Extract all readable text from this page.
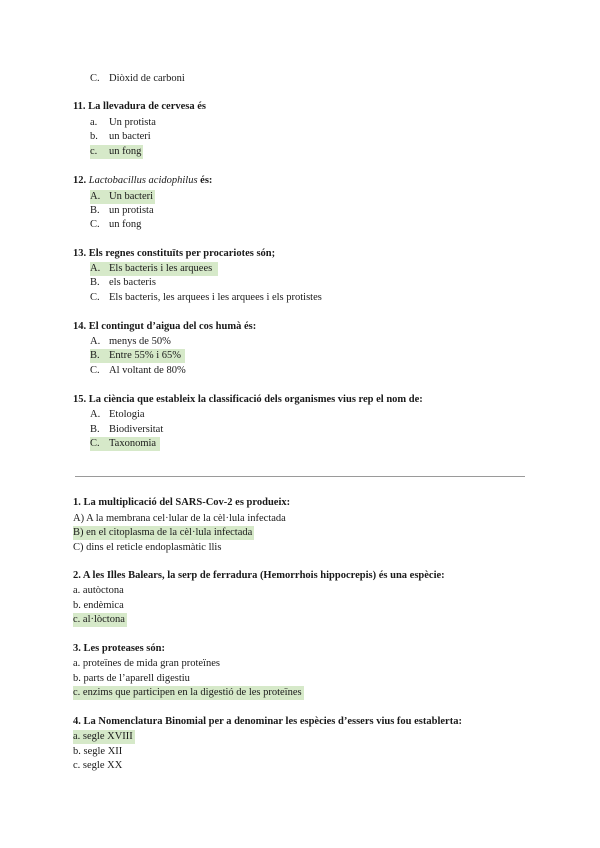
C. Diòxid de carboni
11. La llevadura de cervesa és
a. Un protista
b. un bacteri
c. un fong
12. Lactobacillus acidophilus és:
A. Un bacteri
B. un protista
C. un fong
13. Els regnes constituïts per procariotes són;
A. Els bacteris i les arquees
B. els bacteris
C. Els bacteris, les arquees i les arquees i els protistes
14. El contingut d’aigua del cos humà és:
A. menys de 50%
B. Entre 55% i 65%
C. Al voltant de 80%
15. La ciència que estableix la classificació dels organismes vius rep el nom de:
A. Etologia
B. Biodiversitat
C. Taxonomia
1. La multiplicació del SARS-Cov-2 es produeix:
A) A la membrana cel·lular de la cèl·lula infectada
B) en el citoplasma de la cèl·lula infectada
C) dins el reticle endoplasmàtic llis
2. A les Illes Balears, la serp de ferradura (Hemorrhois hippocrepis) és una espècie:
a. autòctona
b. endèmica
c. al·lòctona
3. Les proteases són:
a. proteïnes de mida gran proteïnes
b. parts de l’aparell digestiu
c. enzims que participen en la digestió de les proteïnes
4. La Nomenclatura Binomial per a denominar les espècies d’essers vius fou establerta:
a. segle XVIII
b. segle XII
c. segle XX
